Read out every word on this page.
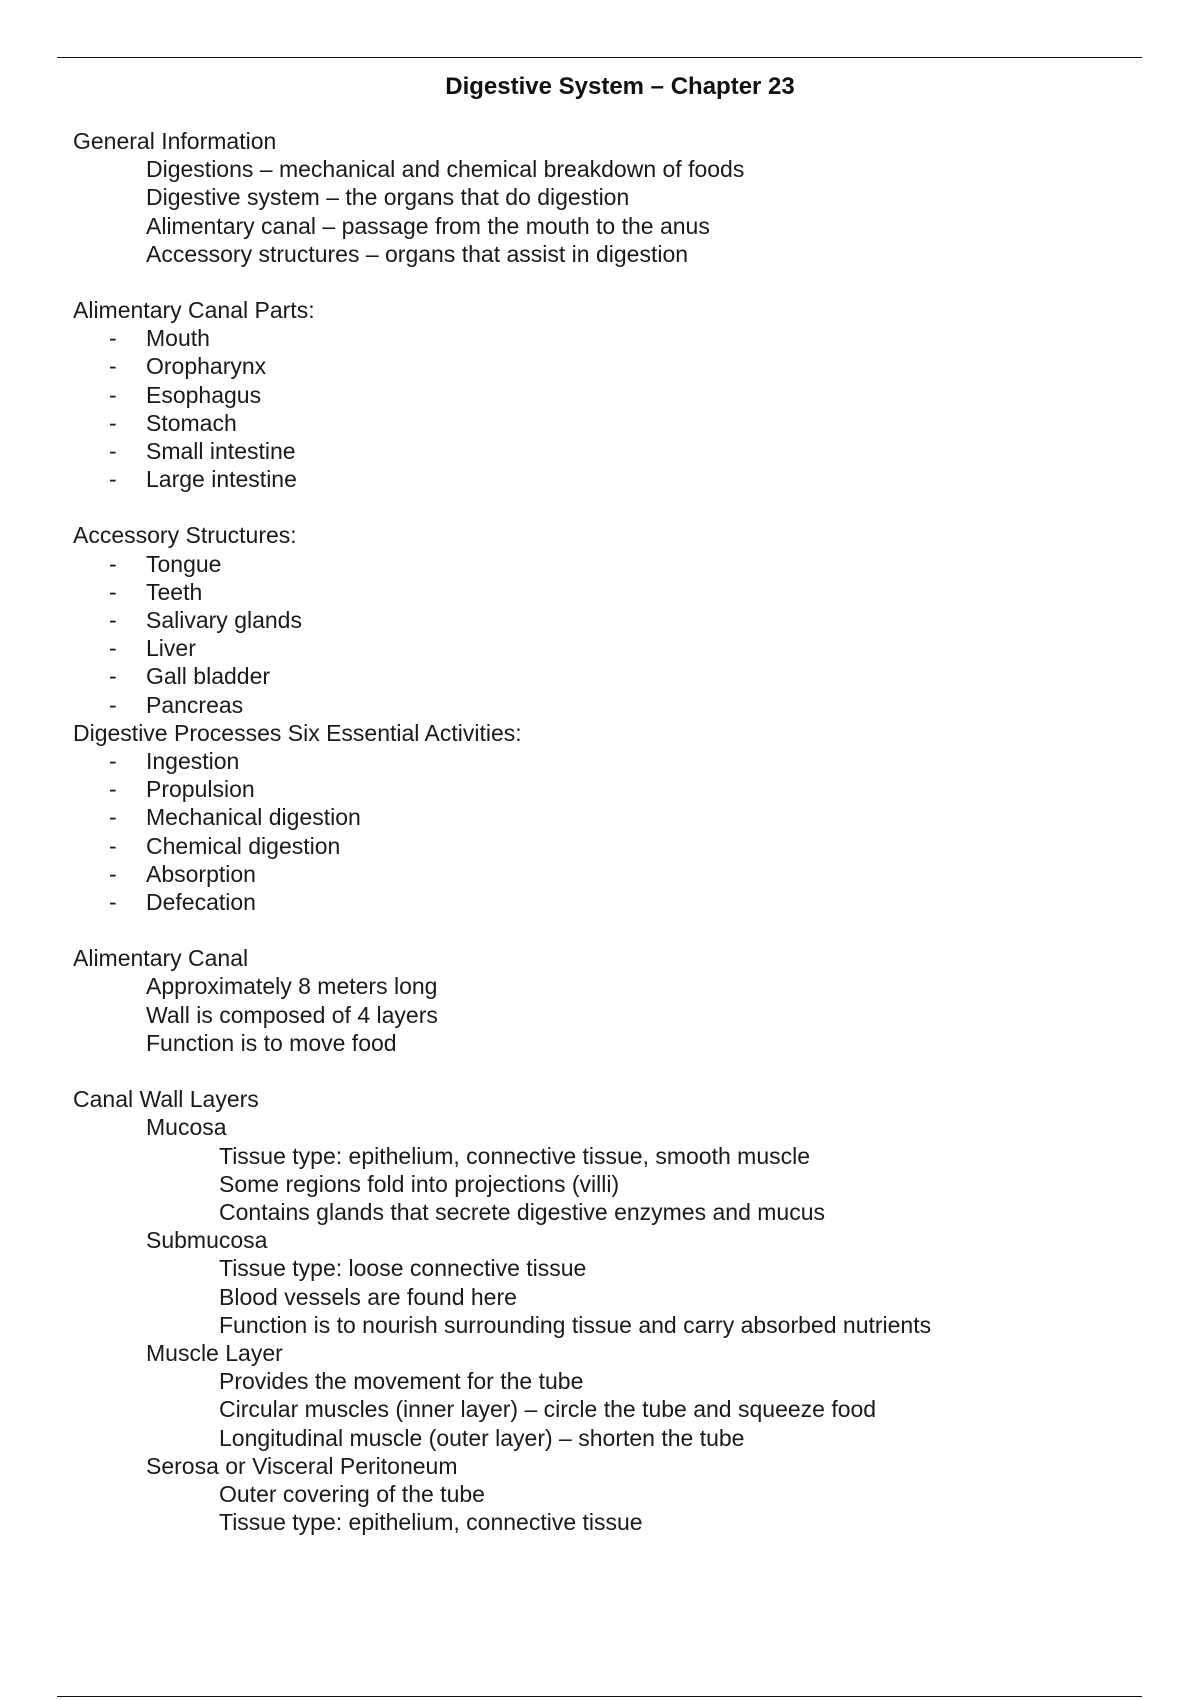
Digestive System – Chapter 23
General Information
Digestions – mechanical and chemical breakdown of foods
Digestive system – the organs that do digestion
Alimentary canal – passage from the mouth to the anus
Accessory structures – organs that assist in digestion
Alimentary Canal Parts:
- Mouth
- Oropharynx
- Esophagus
- Stomach
- Small intestine
- Large intestine
Accessory Structures:
- Tongue
- Teeth
- Salivary glands
- Liver
- Gall bladder
- Pancreas
Digestive Processes Six Essential Activities:
- Ingestion
- Propulsion
- Mechanical digestion
- Chemical digestion
- Absorption
- Defecation
Alimentary Canal
Approximately 8 meters long
Wall is composed of 4 layers
Function is to move food
Canal Wall Layers
Mucosa
Tissue type: epithelium, connective tissue, smooth muscle
Some regions fold into projections (villi)
Contains glands that secrete digestive enzymes and mucus
Submucosa
Tissue type: loose connective tissue
Blood vessels are found here
Function is to nourish surrounding tissue and carry absorbed nutrients
Muscle Layer
Provides the movement for the tube
Circular muscles (inner layer) – circle the tube and squeeze food
Longitudinal muscle (outer layer) – shorten the tube
Serosa or Visceral Peritoneum
Outer covering of the tube
Tissue type: epithelium, connective tissue
